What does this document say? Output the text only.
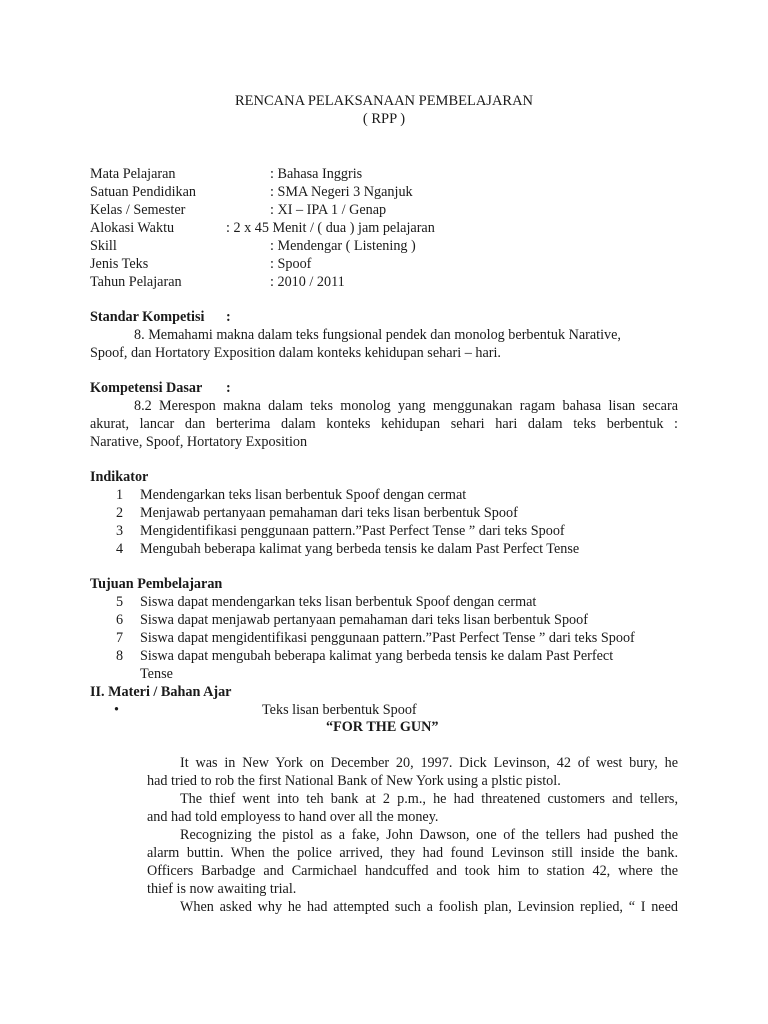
RENCANA PELAKSANAAN PEMBELAJARAN
( RPP )
Mata Pelajaran	: Bahasa Inggris
Satuan Pendidikan	: SMA Negeri 3 Nganjuk
Kelas / Semester	: XI – IPA 1 / Genap
Alokasi Waktu	: 2 x 45 Menit / ( dua ) jam pelajaran
Skill	: Mendengar ( Listening )
Jenis Teks	: Spoof
Tahun Pelajaran	: 2010 / 2011
Standar Kompetisi :
8. Memahami makna dalam teks fungsional pendek dan monolog berbentuk Narative,
Spoof, dan Hortatory Exposition dalam konteks kehidupan sehari – hari.
Kompetensi Dasar :
8.2 Merespon makna dalam teks monolog yang menggunakan ragam bahasa lisan secara
akurat, lancar dan berterima dalam konteks kehidupan sehari hari dalam teks berbentuk :
Narative, Spoof, Hortatory Exposition
Indikator
1 Mendengarkan teks lisan berbentuk Spoof dengan cermat
2 Menjawab pertanyaan pemahaman dari teks lisan berbentuk Spoof
3 Mengidentifikasi penggunaan pattern.”Past Perfect Tense ” dari teks Spoof
4 Mengubah beberapa kalimat yang berbeda tensis ke dalam Past Perfect Tense
Tujuan Pembelajaran
5 Siswa dapat mendengarkan teks lisan berbentuk Spoof dengan cermat
6 Siswa dapat menjawab pertanyaan pemahaman dari teks lisan berbentuk Spoof
7 Siswa dapat mengidentifikasi penggunaan pattern.”Past Perfect Tense ” dari teks Spoof
8 Siswa dapat mengubah beberapa kalimat yang berbeda tensis ke dalam Past Perfect
Tense
II. Materi / Bahan Ajar
•	Teks lisan berbentuk Spoof
“FOR THE GUN”
It was in New York on December 20, 1997. Dick Levinson, 42 of west bury, he
had tried to rob the first National Bank of New York using a plstic pistol.
The thief went into teh bank at 2 p.m., he had threatened customers and tellers,
and had told employess to hand over all the money.
Recognizing the pistol as a fake, John Dawson, one of the tellers had pushed the
alarm buttin. When the police arrived, they had found Levinson still inside the bank.
Officers Barbadge and Carmichael handcuffed and took him to station 42, where the
thief is now awaiting trial.
When asked why he had attempted such a foolish plan, Levinsion replied, “ I need
